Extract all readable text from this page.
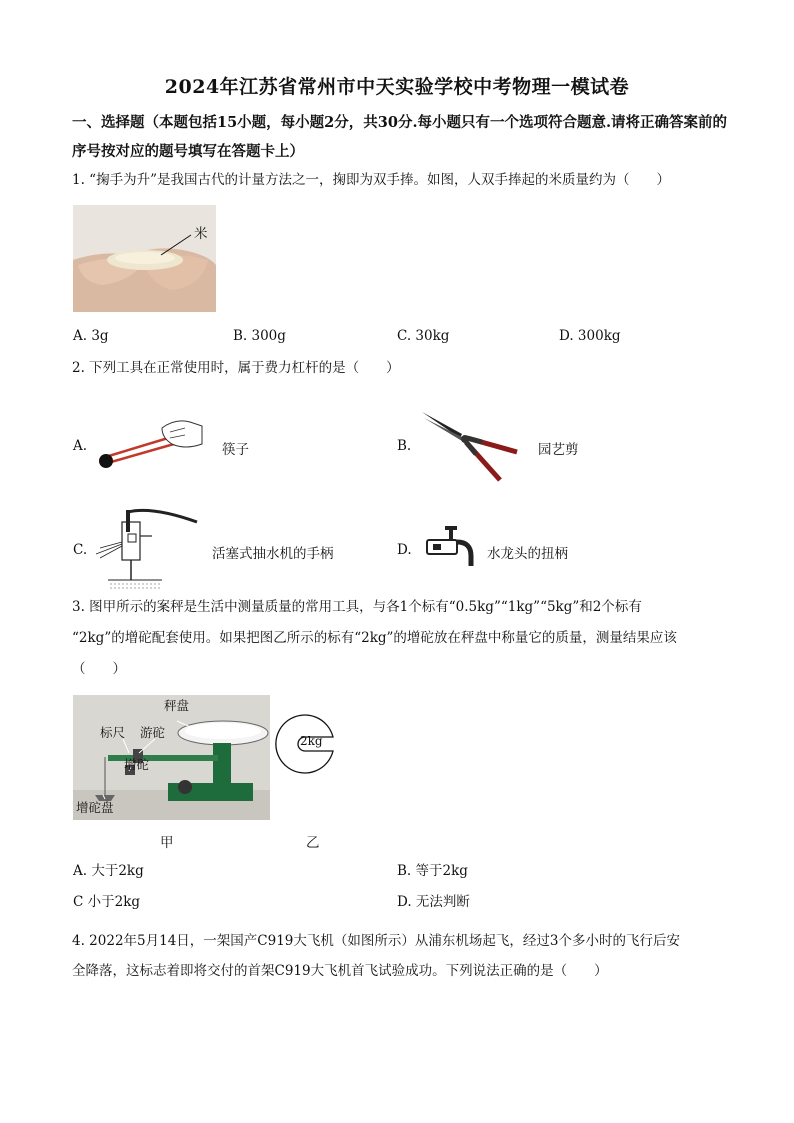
2024年江苏省常州市中天实验学校中考物理一模试卷
一、选择题（本题包括15小题，每小题2分，共30分.每小题只有一个选项符合题意.请将正确答案前的序号按对应的题号填写在答题卡上）
1. “掬手为升”是我国古代的计量方法之一，掬即为双手捧。如图，人双手捧起的米质量约为（　　）
米
A. 3g	B. 300g	C. 30kg	D. 300kg
2. 下列工具在正常使用时，属于费力杠杆的是（　　）
A.	筷子	B.	园艺剪
C.	活塞式抽水机的手柄	D.	水龙头的扭柄
3. 图甲所示的案秤是生活中测量质量的常用工具，与各1个标有“0.5kg”“1kg”“5kg”和2个标有
“2kg”的增砣配套使用。如果把图乙所示的标有“2kg”的增砣放在秤盘中称量它的质量，测量结果应该
（　　）
秤盘
标尺 游砣
增砣
增砣盘
2kg
甲	乙
A. 大于2kg	B. 等于2kg
C 小于2kg	D. 无法判断
4. 2022年5月14日，一架国产C919大飞机（如图所示）从浦东机场起飞，经过3个多小时的飞行后安
全降落，这标志着即将交付的首架C919大飞机首飞试验成功。下列说法正确的是（　　）
